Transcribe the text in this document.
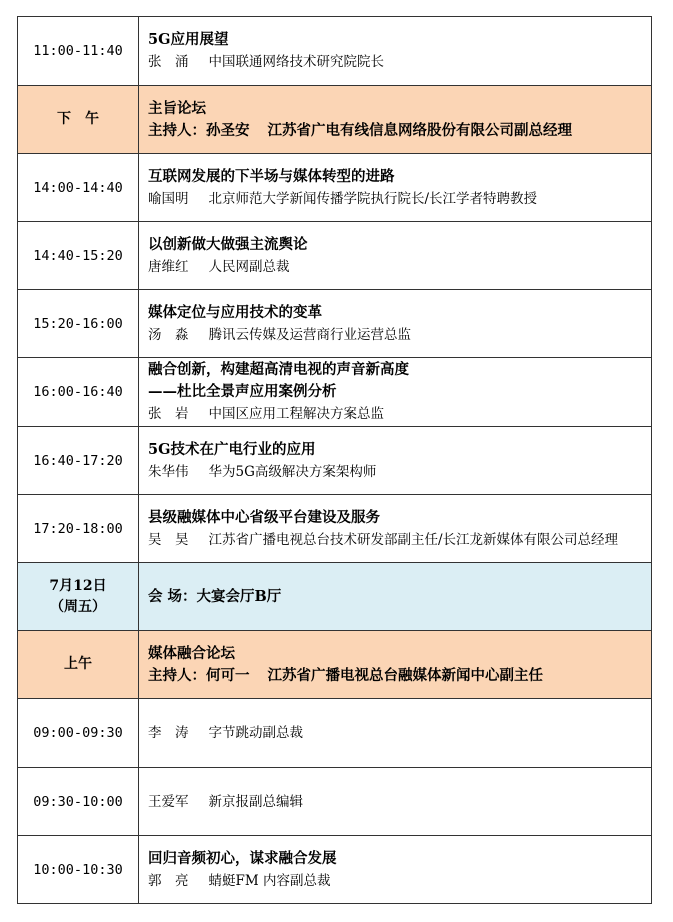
11:00-11:40	5G应用展望
张　涌 中国联通网络技术研究院院长

下　午	主旨论坛
主持人：孙圣安 江苏省广电有线信息网络股份有限公司副总经理

14:00-14:40	互联网发展的下半场与媒体转型的进路
喻国明 北京师范大学新闻传播学院执行院长/长江学者特聘教授

14:40-15:20	以创新做大做强主流舆论
唐维红 人民网副总裁

15:20-16:00	媒体定位与应用技术的变革
汤　淼 腾讯云传媒及运营商行业运营总监

16:00-16:40	融合创新，构建超高清电视的声音新高度
——杜比全景声应用案例分析
张　岩 中国区应用工程解决方案总监

16:40-17:20	5G技术在广电行业的应用
朱华伟 华为5G高级解决方案架构师

17:20-18:00	县级融媒体中心省级平台建设及服务
吴　昊 江苏省广播电视总台技术研发部副主任/长江龙新媒体有限公司总经理

7月12日
（周五）	会 场：大宴会厅B厅

上午	媒体融合论坛
主持人：何可一 江苏省广播电视总台融媒体新闻中心副主任

09:00-09:30	李　涛 字节跳动副总裁

09:30-10:00	王爱军 新京报副总编辑

10:00-10:30	回归音频初心，谋求融合发展
郭　亮 蜻蜓FM 内容副总裁
